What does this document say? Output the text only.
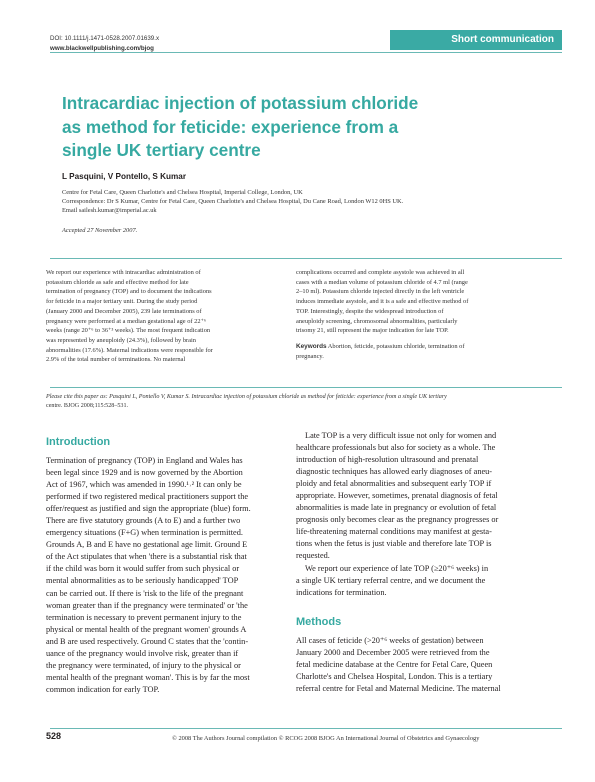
DOI: 10.1111/j.1471-0528.2007.01639.x
www.blackwellpublishing.com/bjog
Short communication
Intracardiac injection of potassium chloride
as method for feticide: experience from a
single UK tertiary centre
L Pasquini, V Pontello, S Kumar
Centre for Fetal Care, Queen Charlotte's and Chelsea Hospital, Imperial College, London, UK
Correspondence: Dr S Kumar, Centre for Fetal Care, Queen Charlotte's and Chelsea Hospital, Du Cane Road, London W12 0HS UK.
Email sailesh.kumar@imperial.ac.uk
Accepted 27 November 2007.
We report our experience with intracardiac administration of
potassium chloride as safe and effective method for late
termination of pregnancy (TOP) and to document the indications
for feticide in a major tertiary unit. During the study period
(January 2000 and December 2005), 239 late terminations of
pregnancy were performed at a median gestational age of 22⁺⁶
weeks (range 20⁺⁶ to 36⁺³ weeks). The most frequent indication
was represented by aneuploidy (24.3%), followed by brain
abnormalities (17.6%). Maternal indications were responsible for
2.9% of the total number of terminations. No maternal
complications occurred and complete asystole was achieved in all
cases with a median volume of potassium chloride of 4.7 ml (range
2–10 ml). Potassium chloride injected directly in the left ventricle
induces immediate asystole, and it is a safe and effective method of
TOP. Interestingly, despite the widespread introduction of
aneuploidy screening, chromosomal abnormalities, particularly
trisomy 21, still represent the major indication for late TOP.
Keywords Abortion, feticide, potassium chloride, termination of
pregnancy.
Please cite this paper as: Pasquini L, Pontello V, Kumar S. Intracardiac injection of potassium chloride as method for feticide: experience from a single UK tertiary
centre. BJOG 2008;115:528–531.
Introduction
Termination of pregnancy (TOP) in England and Wales has
been legal since 1929 and is now governed by the Abortion
Act of 1967, which was amended in 1990.¹˒² It can only be
performed if two registered medical practitioners support the
offer/request as justified and sign the appropriate (blue) form.
There are five statutory grounds (A to E) and a further two
emergency situations (F+G) when termination is permitted.
Grounds A, B and E have no gestational age limit. Ground E
of the Act stipulates that when 'there is a substantial risk that
if the child was born it would suffer from such physical or
mental abnormalities as to be seriously handicapped' TOP
can be carried out. If there is 'risk to the life of the pregnant
woman greater than if the pregnancy were terminated' or 'the
termination is necessary to prevent permanent injury to the
physical or mental health of the pregnant women' grounds A
and B are used respectively. Ground C states that the 'contin-
uance of the pregnancy would involve risk, greater than if
the pregnancy were terminated, of injury to the physical or
mental health of the pregnant woman'. This is by far the most
common indication for early TOP.
Late TOP is a very difficult issue not only for women and
healthcare professionals but also for society as a whole. The
introduction of high-resolution ultrasound and prenatal
diagnostic techniques has allowed early diagnoses of aneu-
ploidy and fetal abnormalities and subsequent early TOP if
appropriate. However, sometimes, prenatal diagnosis of fetal
abnormalities is made late in pregnancy or evolution of fetal
prognosis only becomes clear as the pregnancy progresses or
life-threatening maternal conditions may manifest at gesta-
tions when the fetus is just viable and therefore late TOP is
requested.
We report our experience of late TOP (≥20⁺⁶ weeks) in
a single UK tertiary referral centre, and we document the
indications for termination.
Methods
All cases of feticide (>20⁺⁶ weeks of gestation) between
January 2000 and December 2005 were retrieved from the
fetal medicine database at the Centre for Fetal Care, Queen
Charlotte's and Chelsea Hospital, London. This is a tertiary
referral centre for Fetal and Maternal Medicine. The maternal
528	© 2008 The Authors Journal compilation © RCOG 2008 BJOG An International Journal of Obstetrics and Gynaecology
